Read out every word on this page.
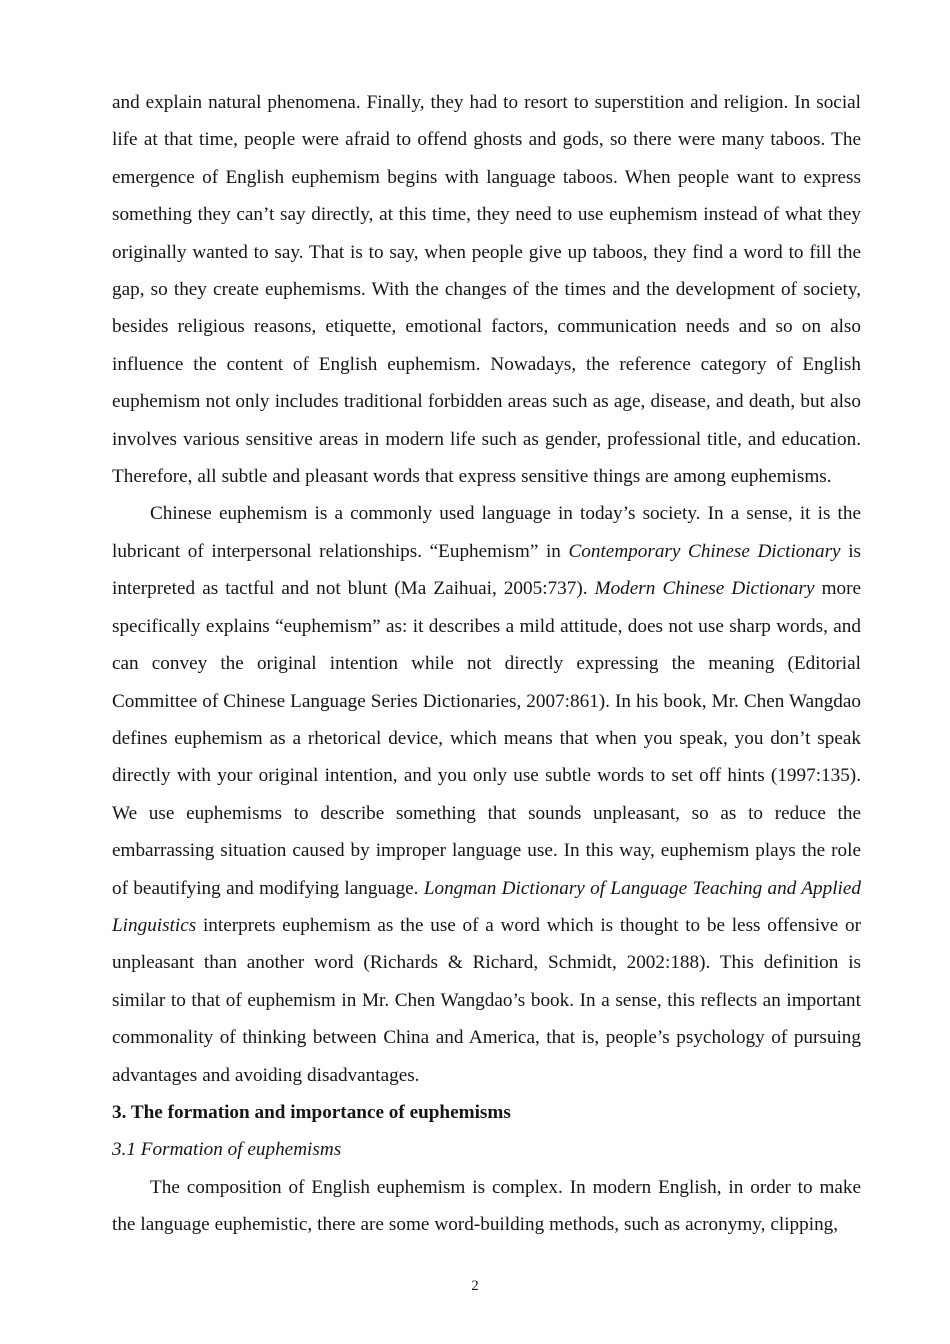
and explain natural phenomena. Finally, they had to resort to superstition and religion. In social life at that time, people were afraid to offend ghosts and gods, so there were many taboos. The emergence of English euphemism begins with language taboos. When people want to express something they can’t say directly, at this time, they need to use euphemism instead of what they originally wanted to say. That is to say, when people give up taboos, they find a word to fill the gap, so they create euphemisms. With the changes of the times and the development of society, besides religious reasons, etiquette, emotional factors, communication needs and so on also influence the content of English euphemism. Nowadays, the reference category of English euphemism not only includes traditional forbidden areas such as age, disease, and death, but also involves various sensitive areas in modern life such as gender, professional title, and education. Therefore, all subtle and pleasant words that express sensitive things are among euphemisms.

Chinese euphemism is a commonly used language in today’s society. In a sense, it is the lubricant of interpersonal relationships. “Euphemism” in Contemporary Chinese Dictionary is interpreted as tactful and not blunt (Ma Zaihuai, 2005:737). Modern Chinese Dictionary more specifically explains “euphemism” as: it describes a mild attitude, does not use sharp words, and can convey the original intention while not directly expressing the meaning (Editorial Committee of Chinese Language Series Dictionaries, 2007:861). In his book, Mr. Chen Wangdao defines euphemism as a rhetorical device, which means that when you speak, you don’t speak directly with your original intention, and you only use subtle words to set off hints (1997:135). We use euphemisms to describe something that sounds unpleasant, so as to reduce the embarrassing situation caused by improper language use. In this way, euphemism plays the role of beautifying and modifying language. Longman Dictionary of Language Teaching and Applied Linguistics interprets euphemism as the use of a word which is thought to be less offensive or unpleasant than another word (Richards & Richard, Schmidt, 2002:188). This definition is similar to that of euphemism in Mr. Chen Wangdao’s book. In a sense, this reflects an important commonality of thinking between China and America, that is, people’s psychology of pursuing advantages and avoiding disadvantages.

3. The formation and importance of euphemisms
3.1 Formation of euphemisms

The composition of English euphemism is complex. In modern English, in order to make the language euphemistic, there are some word-building methods, such as acronymy, clipping,

2
